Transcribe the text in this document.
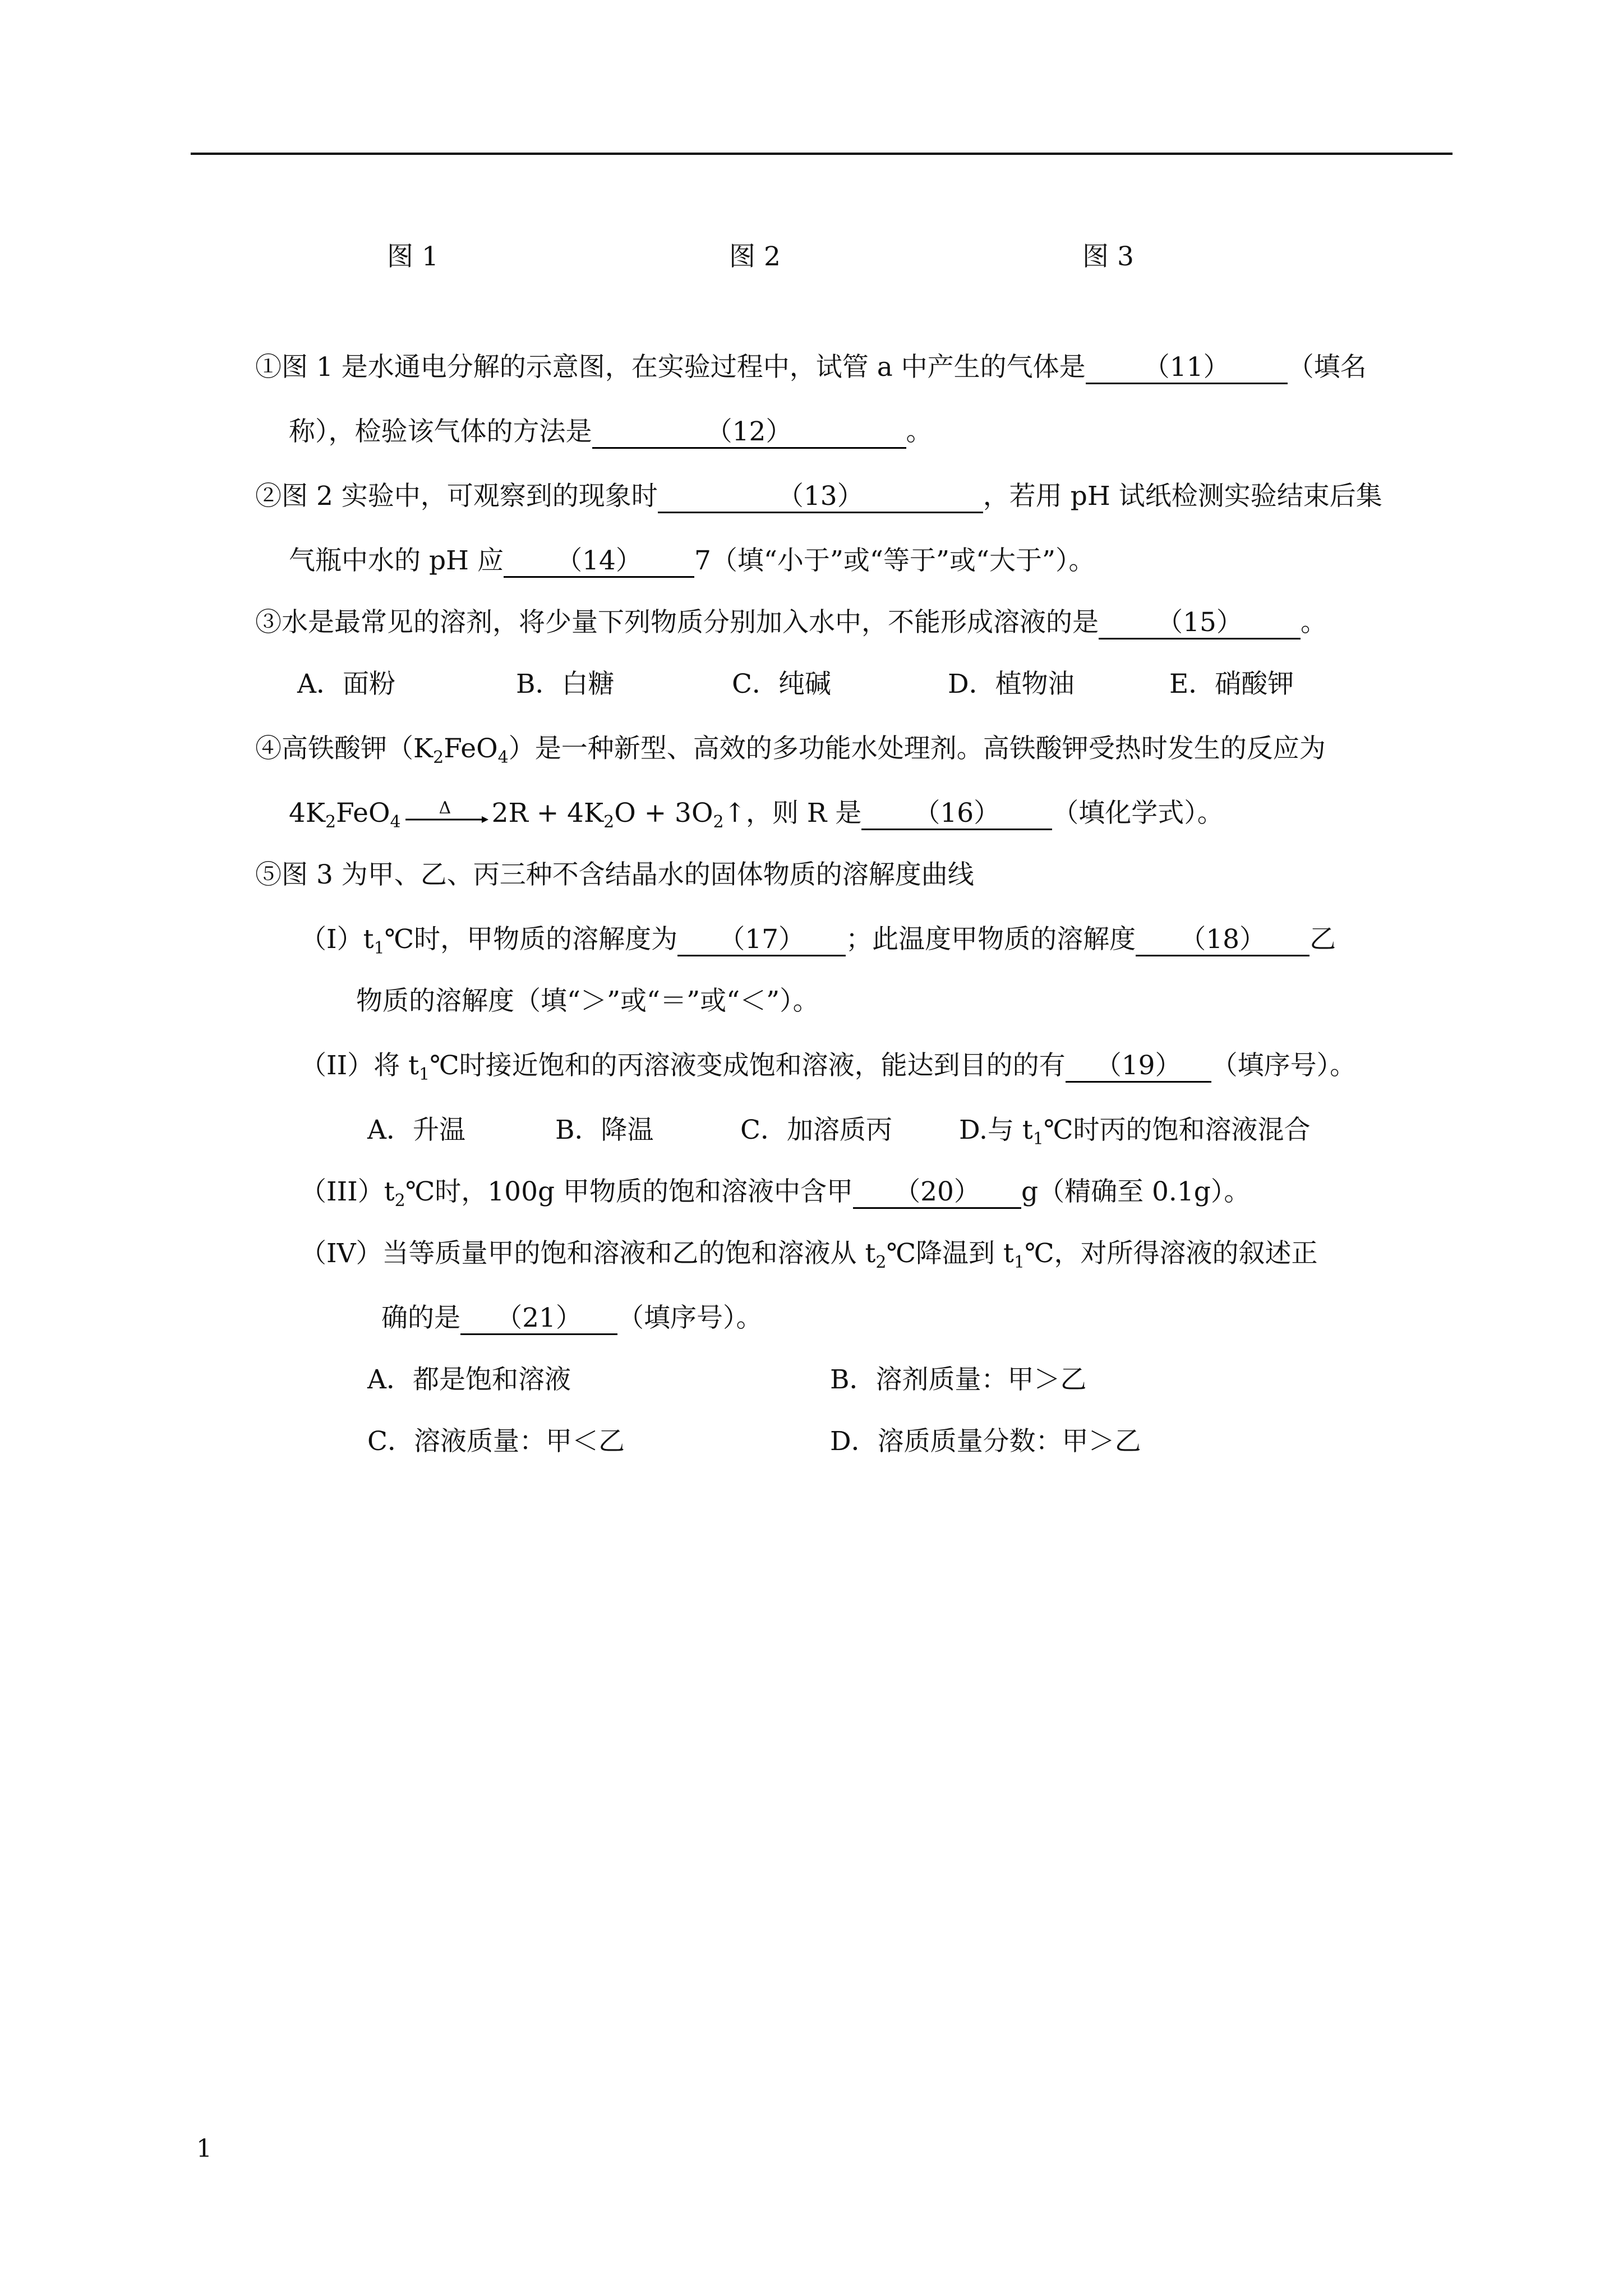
图 1	图 2	图 3
①图 1 是水通电分解的示意图，在实验过程中，试管 a 中产生的气体是 （11） （填名
称），检验该气体的方法是	（12）	。
②图 2 实验中，可观察到的现象时	（13）	，若用 pH 试纸检测实验结束后集
气瓶中水的 pH 应 （14） 7（填“小于”或“等于”或“大于”）。
③水是最常见的溶剂，将少量下列物质分别加入水中，不能形成溶液的是 （15） 。
A．面粉	B．白糖	C．纯碱	D．植物油	E．硝酸钾
④高铁酸钾$(K_2FeO_4)$是一种新型、高效的多功能水处理剂。高铁酸钾受热时发生的反应为
$4K_2FeO_4$
Δ $2R + 4K_2O$ + $3O_2↑$，则 R 是 （16） （填化学式）。
⑤图 3 为甲、乙、丙三种不含结晶水的固体物质的溶解度曲线
$(I)t_1℃$时，甲物质的溶解度为 （17） ；此温度甲物质的溶解度 （18） 乙
物质的溶解度（填“＞”或“＝”或“＜”）。
（II）将 $t_1℃$时接近饱和的丙溶液变成饱和溶液，能达到目的的有 （19） （填序号）。
A．升温	B．降温	C．加溶质丙	D.与 $t_1℃$时丙的饱和溶液混合
$(III)t_2℃$时，100g 甲物质的饱和溶液中含甲 （20） g（精确至 0.1g）。
（IV）当等质量甲的饱和溶液和乙的饱和溶液从 $t_2℃$降温到 $t_1℃$，对所得溶液的叙述正
确的是 （21） （填序号）。
A．都是饱和溶液	B．溶剂质量：甲＞乙
C．溶液质量：甲＜乙	D．溶质质量分数：甲＞乙
1
